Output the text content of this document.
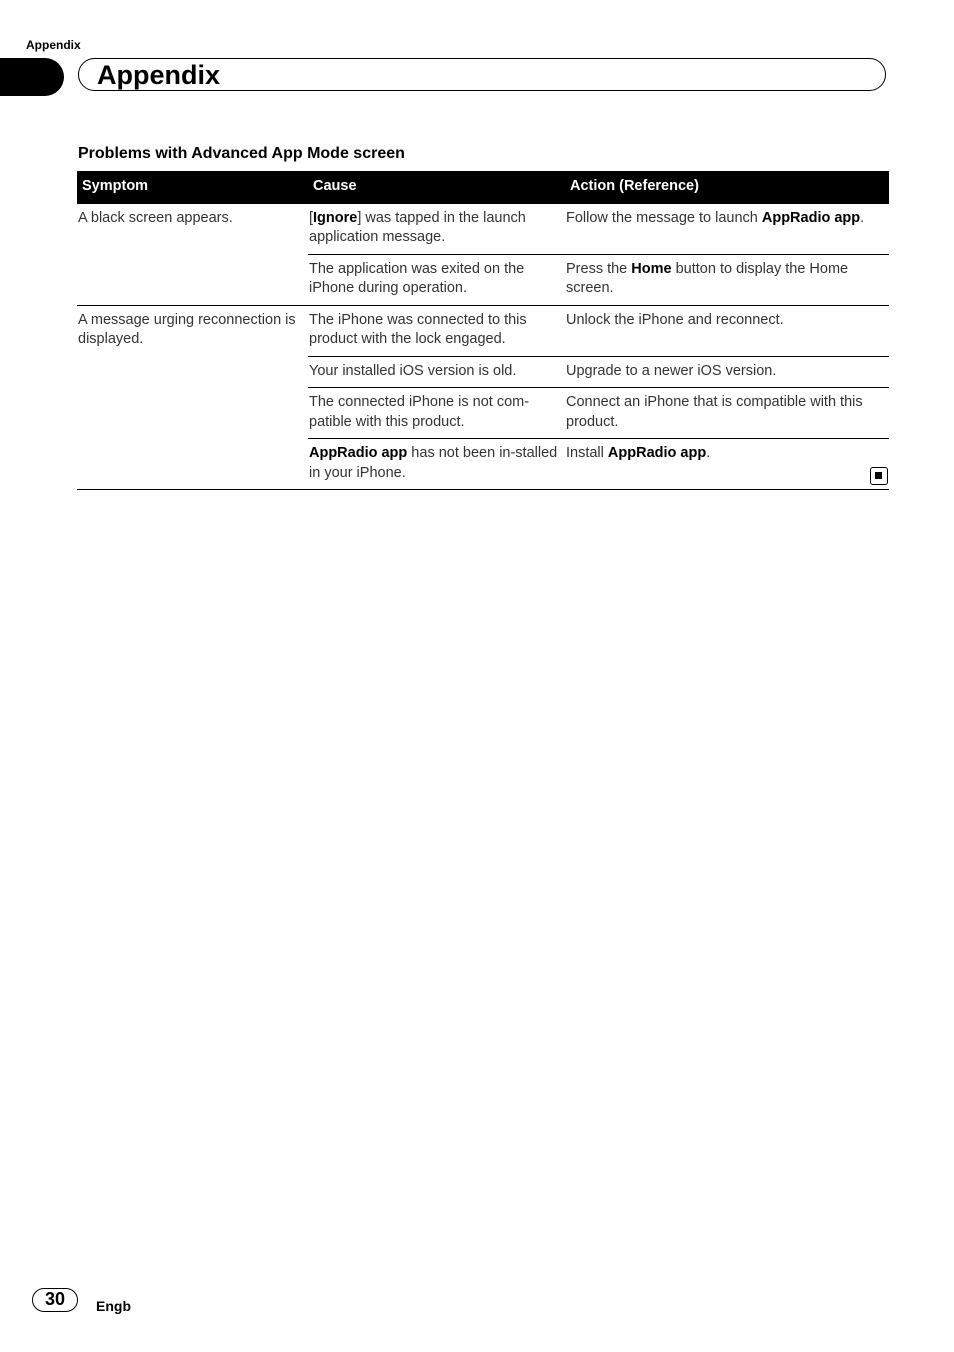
Appendix
Appendix
Problems with Advanced App Mode screen
Symptom	Cause	Action (Reference)
A black screen appears.	[Ignore] was tapped in the launch application message.	Follow the message to launch AppRadio app.
	The application was exited on the iPhone during operation.	Press the Home button to display the Home screen.
A message urging reconnection is displayed.	The iPhone was connected to this product with the lock engaged.	Unlock the iPhone and reconnect.
	Your installed iOS version is old.	Upgrade to a newer iOS version.
	The connected iPhone is not com-patible with this product.	Connect an iPhone that is compatible with this product.
	AppRadio app has not been in-stalled in your iPhone.	Install AppRadio app.
30	Engb
